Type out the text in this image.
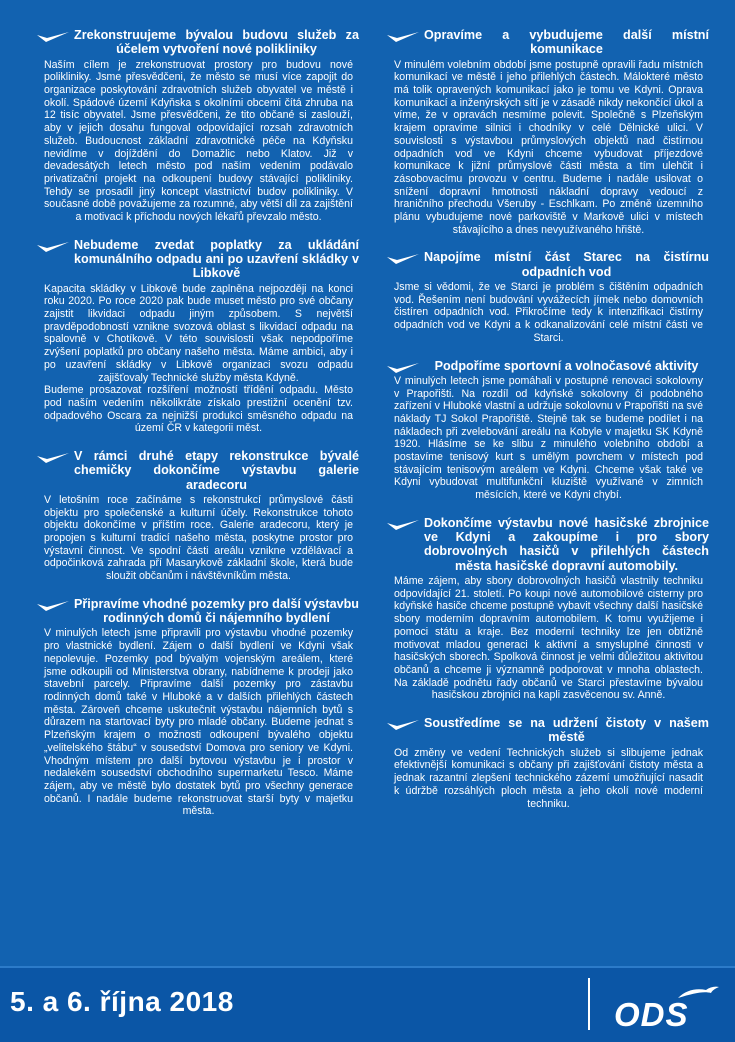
Zrekonstruujeme bývalou budovu služeb za účelem vytvoření nové polikliniky
Naším cílem je zrekonstruovat prostory pro budovu nové polikliniky. Jsme přesvědčeni, že město se musí více zapojit do organizace poskytování zdravotních služeb obyvatel ve městě i okolí. Spádové území Kdyňska s okolními obcemi čítá zhruba na 12 tisíc obyvatel. Jsme přesvědčeni, že tito občané si zaslouží, aby v jejich dosahu fungoval odpovídající rozsah zdravotních služeb. Budoucnost základní zdravotnické péče na Kdyňsku nevidíme v dojíždění do Domažlic nebo Klatov. Již v devadesátých letech město pod naším vedením podávalo privatizační projekt na odkoupení budovy stávající polikliniky. Tehdy se prosadil jiný koncept vlastnictví budov polikliniky. V současné době považujeme za rozumné, aby větší díl za zajištění a motivaci k příchodu nových lékařů převzalo město.
Nebudeme zvedat poplatky za ukládání komunálního odpadu ani po uzavření skládky v Libkově
Kapacita skládky v Libkově bude zaplněna nejpozději na konci roku 2020. Po roce 2020 pak bude muset město pro své občany zajistit likvidaci odpadu jiným způsobem. S největší pravděpodobností vznikne svozová oblast s likvidací odpadu na spalovně v Chotíkově. V této souvislosti však nepodpoříme zvýšení poplatků pro občany našeho města. Máme ambici, aby i po uzavření skládky v Libkově organizaci svozu odpadu zajišťovaly Technické služby města Kdyně.
Budeme prosazovat rozšíření možností třídění odpadu. Město pod naším vedením několikráte získalo prestižní ocenění tzv. odpadového Oscara za nejnižší produkci směsného odpadu na území ČR v kategorii měst.
V rámci druhé etapy rekonstrukce bývalé chemičky dokončíme výstavbu galerie aradecoru
V letošním roce začínáme s rekonstrukcí průmyslové části objektu pro společenské a kulturní účely. Rekonstrukce tohoto objektu dokončíme v příštím roce. Galerie aradecoru, který je propojen s kulturní tradicí našeho města, poskytne prostor pro výstavní činnost. Ve spodní části areálu vznikne vzdělávací a odpočinková zahrada pří Masarykově základní škole, která bude sloužit občanům i návštěvníkům města.
Připravíme vhodné pozemky pro další výstavbu rodinných domů či nájemního bydlení
V minulých letech jsme připravili pro výstavbu vhodné pozemky pro vlastnické bydlení. Zájem o další bydlení ve Kdyni však nepolevuje. Pozemky pod bývalým vojenským areálem, které jsme odkoupili od Ministerstva obrany, nabídneme k prodeji jako stavební parcely. Připravíme další pozemky pro zástavbu rodinných domů také v Hluboké a v dalších přilehlých částech města. Zároveň chceme uskutečnit výstavbu nájemních bytů s důrazem na startovací byty pro mladé občany. Budeme jednat s Plzeňským krajem o možnosti odkoupení bývalého objektu „velitelského štábu“ v sousedství Domova pro seniory ve Kdyni. Vhodným místem pro další bytovou výstavbu je i prostor v nedalekém sousedství obchodního supermarketu Tesco. Máme zájem, aby ve městě bylo dostatek bytů pro všechny generace občanů. I nadále budeme rekonstruovat starší byty v majetku města.
Opravíme a vybudujeme další místní komunikace
V minulém volebním období jsme postupně opravili řadu místních komunikací ve městě i jeho přilehlých částech. Málokteré město má tolik opravených komunikací jako je tomu ve Kdyni. Oprava komunikací a inženýrských sítí je v zásadě nikdy nekončící úkol a víme, že v opravách nesmíme polevit. Společně s Plzeňským krajem opravíme silnici i chodníky v celé Dělnické ulici. V souvislosti s výstavbou průmyslových objektů nad čistírnou odpadních vod ve Kdyni chceme vybudovat příjezdové komunikace k jižní průmyslové části města a tím ulehčit i zásobovacímu provozu v centru. Budeme i nadále usilovat o snížení dopravní hmotnosti nákladní dopravy vedoucí z hraničního přechodu Všeruby - Eschlkam. Po změně územního plánu vybudujeme nové parkoviště v Markově ulici v místech stávajícího a dnes nevyužívaného hřiště.
Napojíme místní část Starec na čistírnu odpadních vod
Jsme si vědomi, že ve Starci je problém s čištěním odpadních vod. Řešením není budování vyvážecích jímek nebo domovních čistíren odpadních vod. Přikročíme tedy k intenzifikaci čistírny odpadních vod ve Kdyni a k odkanalizování celé místní části ve Starci.
Podpoříme sportovní a volnočasové aktivity
V minulých letech jsme pomáhali v postupné renovaci sokolovny v Prapořišti. Na rozdíl od kdyňské sokolovny či podobného zařízení v Hluboké vlastní a udržuje sokolovnu v Prapořišti na své náklady TJ Sokol Prapořiště. Stejně tak se budeme podílet i na nákladech při zvelebování areálu na Kobyle v majetku SK Kdyně 1920. Hlásíme se ke slibu z minulého volebního období a postavíme tenisový kurt s umělým povrchem v místech pod stávajícím tenisovým areálem ve Kdyni. Chceme však také ve Kdyni vybudovat multifunkční kluziště využívané v zimních měsících, které ve Kdyni chybí.
Dokončíme výstavbu nové hasičské zbrojnice ve Kdyni a zakoupíme i pro sbory dobrovolných hasičů v přilehlých částech města hasičské dopravní automobily.
Máme zájem, aby sbory dobrovolných hasičů vlastnily techniku odpovídající 21. století. Po koupi nové automobilové cisterny pro kdyňské hasiče chceme postupně vybavit všechny další hasičské sbory moderním dopravním automobilem. K tomu využijeme i pomoci státu a kraje. Bez moderní techniky lze jen obtížně motivovat mladou generaci k aktivní a smysluplné činnosti v hasičských sborech. Spolková činnost je velmi důležitou aktivitou občanů a chceme ji významně podporovat v mnoha oblastech. Na základě podnětu řady občanů ve Starci přestavíme bývalou hasičskou zbrojnici na kapli zasvěcenou sv. Anně.
Soustředíme se na udržení čistoty v našem městě
Od změny ve vedení Technických služeb si slibujeme jednak efektivnější komunikaci s občany při zajišťování čistoty města a jednak razantní zlepšení technického zázemí umožňující nasadit k údržbě rozsáhlých ploch města a jeho okolí nové moderní techniku.
5. a 6. října 2018	ODS
